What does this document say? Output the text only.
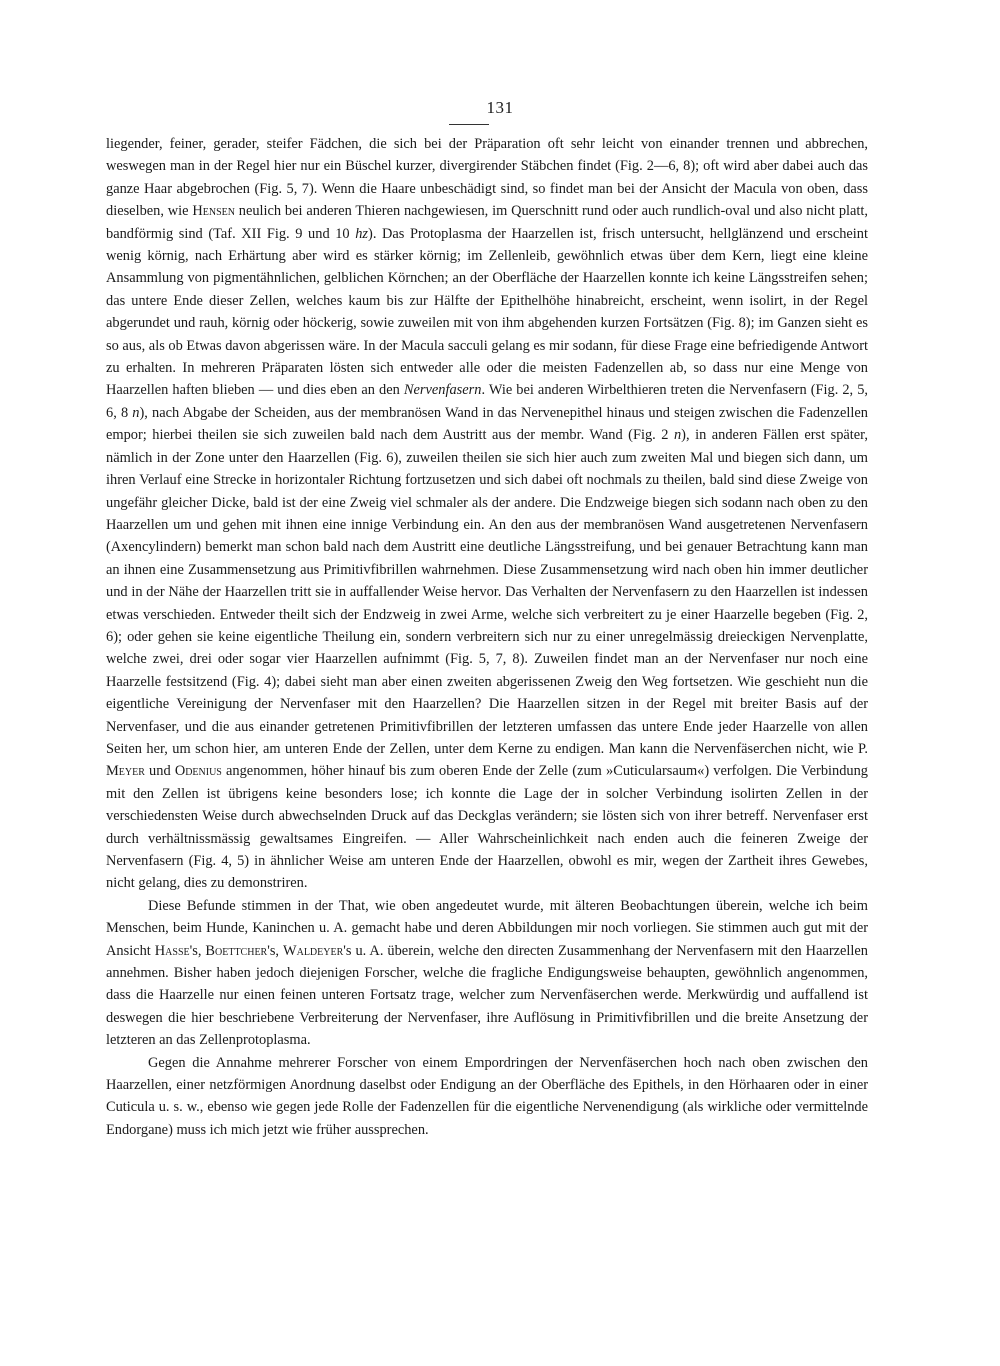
131

liegender, feiner, gerader, steifer Fädchen, die sich bei der Präparation oft sehr leicht von einander trennen und abbrechen, weswegen man in der Regel hier nur ein Büschel kurzer, divergirender Stäbchen findet (Fig. 2—6, 8); oft wird aber dabei auch das ganze Haar abgebrochen (Fig. 5, 7). Wenn die Haare unbeschädigt sind, so findet man bei der Ansicht der Macula von oben, dass dieselben, wie Hensen neulich bei anderen Thieren nachgewiesen, im Querschnitt rund oder auch rundlich-oval und also nicht platt, bandförmig sind (Taf. XII Fig. 9 und 10 hz). Das Protoplasma der Haarzellen ist, frisch untersucht, hellglänzend und erscheint wenig körnig, nach Erhärtung aber wird es stärker körnig; im Zellenleib, gewöhnlich etwas über dem Kern, liegt eine kleine Ansammlung von pigmentähnlichen, gelblichen Körnchen; an der Oberfläche der Haarzellen konnte ich keine Längsstreifen sehen; das untere Ende dieser Zellen, welches kaum bis zur Hälfte der Epithelhöhe hinabreicht, erscheint, wenn isolirt, in der Regel abgerundet und rauh, körnig oder höckerig, sowie zuweilen mit von ihm abgehenden kurzen Fortsätzen (Fig. 8); im Ganzen sieht es so aus, als ob Etwas davon abgerissen wäre. In der Macula sacculi gelang es mir sodann, für diese Frage eine befriedigende Antwort zu erhalten. In mehreren Präparaten lösten sich entweder alle oder die meisten Fadenzellen ab, so dass nur eine Menge von Haarzellen haften blieben — und dies eben an den Nervenfasern. Wie bei anderen Wirbelthieren treten die Nervenfasern (Fig. 2, 5, 6, 8 n), nach Abgabe der Scheiden, aus der membranösen Wand in das Nervenepithel hinaus und steigen zwischen die Fadenzellen empor; hierbei theilen sie sich zuweilen bald nach dem Austritt aus der membr. Wand (Fig. 2 n), in anderen Fällen erst später, nämlich in der Zone unter den Haarzellen (Fig. 6), zuweilen theilen sie sich hier auch zum zweiten Mal und biegen sich dann, um ihren Verlauf eine Strecke in horizontaler Richtung fortzusetzen und sich dabei oft nochmals zu theilen, bald sind diese Zweige von ungefähr gleicher Dicke, bald ist der eine Zweig viel schmaler als der andere. Die Endzweige biegen sich sodann nach oben zu den Haarzellen um und gehen mit ihnen eine innige Verbindung ein. An den aus der membranösen Wand ausgetretenen Nervenfasern (Axencylindern) bemerkt man schon bald nach dem Austritt eine deutliche Längsstreifung, und bei genauer Betrachtung kann man an ihnen eine Zusammensetzung aus Primitivfibrillen wahrnehmen. Diese Zusammensetzung wird nach oben hin immer deutlicher und in der Nähe der Haarzellen tritt sie in auffallender Weise hervor. Das Verhalten der Nervenfasern zu den Haarzellen ist indessen etwas verschieden. Entweder theilt sich der Endzweig in zwei Arme, welche sich verbreitert zu je einer Haarzelle begeben (Fig. 2, 6); oder gehen sie keine eigentliche Theilung ein, sondern verbreitern sich nur zu einer unregelmässig dreieckigen Nervenplatte, welche zwei, drei oder sogar vier Haarzellen aufnimmt (Fig. 5, 7, 8). Zuweilen findet man an der Nervenfaser nur noch eine Haarzelle festsitzend (Fig. 4); dabei sieht man aber einen zweiten abgerissenen Zweig den Weg fortsetzen. Wie geschieht nun die eigentliche Vereinigung der Nervenfaser mit den Haarzellen? Die Haarzellen sitzen in der Regel mit breiter Basis auf der Nervenfaser, und die aus einander getretenen Primitivfibrillen der letzteren umfassen das untere Ende jeder Haarzelle von allen Seiten her, um schon hier, am unteren Ende der Zellen, unter dem Kerne zu endigen. Man kann die Nervenfäserchen nicht, wie P. Meyer und Odenius angenommen, höher hinauf bis zum oberen Ende der Zelle (zum »Cuticularsaum«) verfolgen. Die Verbindung mit den Zellen ist übrigens keine besonders lose; ich konnte die Lage der in solcher Verbindung isolirten Zellen in der verschiedensten Weise durch abwechselnden Druck auf das Deckglas verändern; sie lösten sich von ihrer betreff. Nervenfaser erst durch verhältnissmässig gewaltsames Eingreifen. — Aller Wahrscheinlichkeit nach enden auch die feineren Zweige der Nervenfasern (Fig. 4, 5) in ähnlicher Weise am unteren Ende der Haarzellen, obwohl es mir, wegen der Zartheit ihres Gewebes, nicht gelang, dies zu demonstriren.

Diese Befunde stimmen in der That, wie oben angedeutet wurde, mit älteren Beobachtungen überein, welche ich beim Menschen, beim Hunde, Kaninchen u. A. gemacht habe und deren Abbildungen mir noch vorliegen. Sie stimmen auch gut mit der Ansicht Hasse's, Boettcher's, Waldeyer's u. A. überein, welche den directen Zusammenhang der Nervenfasern mit den Haarzellen annehmen. Bisher haben jedoch diejenigen Forscher, welche die fragliche Endigungsweise behaupten, gewöhnlich angenommen, dass die Haarzelle nur einen feinen unteren Fortsatz trage, welcher zum Nervenfäserchen werde. Merkwürdig und auffallend ist deswegen die hier beschriebene Verbreiterung der Nervenfaser, ihre Auflösung in Primitivfibrillen und die breite Ansetzung der letzteren an das Zellenprotoplasma.

Gegen die Annahme mehrerer Forscher von einem Empordringen der Nervenfäserchen hoch nach oben zwischen den Haarzellen, einer netzförmigen Anordnung daselbst oder Endigung an der Oberfläche des Epithels, in den Hörhaaren oder in einer Cuticula u. s. w., ebenso wie gegen jede Rolle der Fadenzellen für die eigentliche Nervenendigung (als wirkliche oder vermittelnde Endorgane) muss ich mich jetzt wie früher aussprechen.
